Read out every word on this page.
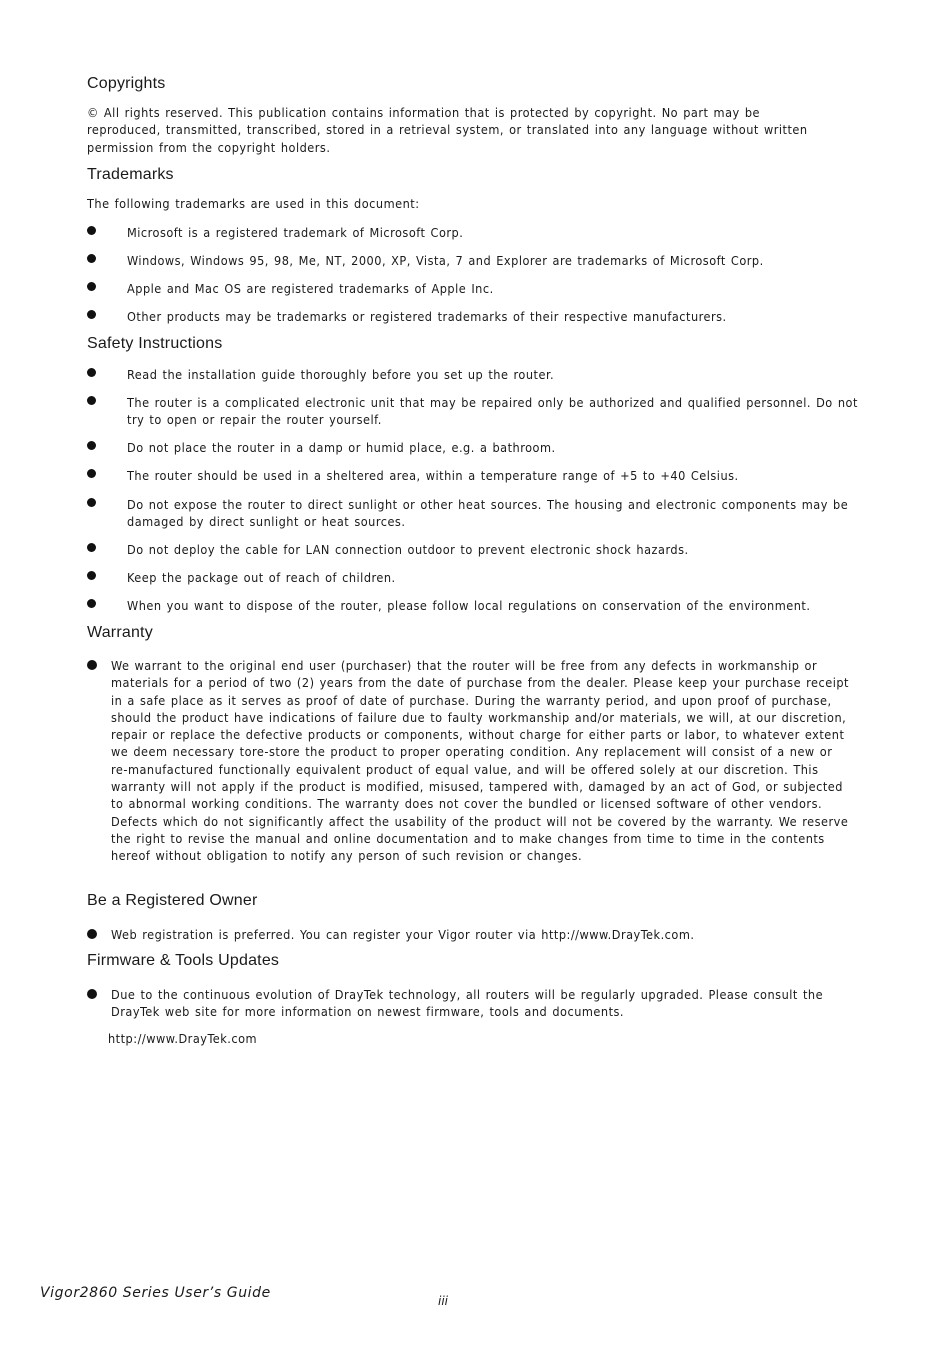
Copyrights
© All rights reserved. This publication contains information that is protected by copyright. No part may be reproduced, transmitted, transcribed, stored in a retrieval system, or translated into any language without written permission from the copyright holders.
Trademarks
The following trademarks are used in this document:
Microsoft is a registered trademark of Microsoft Corp.
Windows, Windows 95, 98, Me, NT, 2000, XP, Vista, 7 and Explorer are trademarks of Microsoft Corp.
Apple and Mac OS are registered trademarks of Apple Inc.
Other products may be trademarks or registered trademarks of their respective manufacturers.
Safety Instructions
Read the installation guide thoroughly before you set up the router.
The router is a complicated electronic unit that may be repaired only be authorized and qualified personnel. Do not try to open or repair the router yourself.
Do not place the router in a damp or humid place, e.g. a bathroom.
The router should be used in a sheltered area, within a temperature range of +5 to +40 Celsius.
Do not expose the router to direct sunlight or other heat sources. The housing and electronic components may be damaged by direct sunlight or heat sources.
Do not deploy the cable for LAN connection outdoor to prevent electronic shock hazards.
Keep the package out of reach of children.
When you want to dispose of the router, please follow local regulations on conservation of the environment.
Warranty
We warrant to the original end user (purchaser) that the router will be free from any defects in workmanship or materials for a period of two (2) years from the date of purchase from the dealer. Please keep your purchase receipt in a safe place as it serves as proof of date of purchase. During the warranty period, and upon proof of purchase, should the product have indications of failure due to faulty workmanship and/or materials, we will, at our discretion, repair or replace the defective products or components, without charge for either parts or labor, to whatever extent we deem necessary tore-store the product to proper operating condition. Any replacement will consist of a new or re-manufactured functionally equivalent product of equal value, and will be offered solely at our discretion. This warranty will not apply if the product is modified, misused, tampered with, damaged by an act of God, or subjected to abnormal working conditions. The warranty does not cover the bundled or licensed software of other vendors. Defects which do not significantly affect the usability of the product will not be covered by the warranty. We reserve the right to revise the manual and online documentation and to make changes from time to time in the contents hereof without obligation to notify any person of such revision or changes.
Be a Registered Owner
Web registration is preferred. You can register your Vigor router via http://www.DrayTek.com.
Firmware & Tools Updates
Due to the continuous evolution of DrayTek technology, all routers will be regularly upgraded. Please consult the DrayTek web site for more information on newest firmware, tools and documents.
http://www.DrayTek.com
Vigor2860 Series User’s Guide	iii
